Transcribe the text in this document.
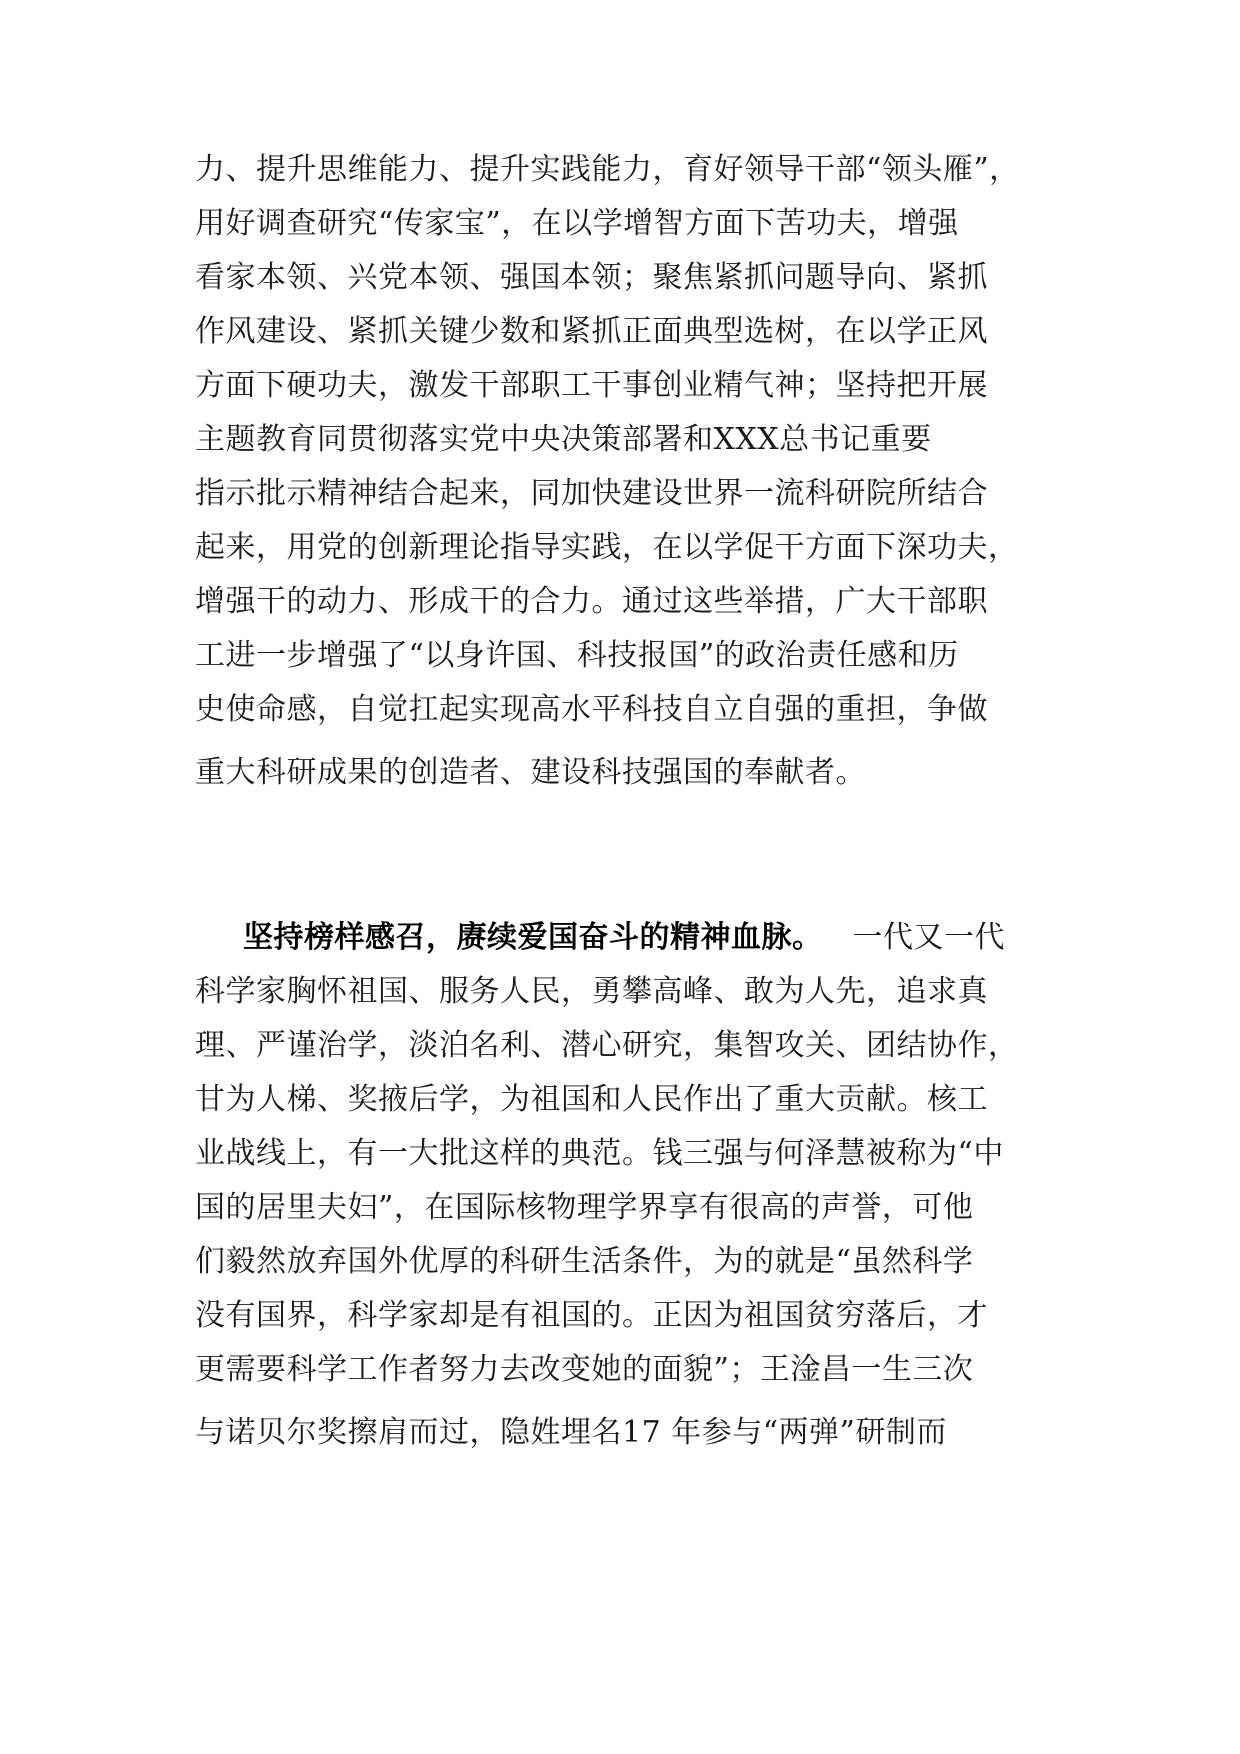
力、提升思维能力、提升实践能力，育好领导干部“领头雁”，
用好调查研究“传家宝”，在以学增智方面下苦功夫，增强
看家本领、兴党本领、强国本领；聚焦紧抓问题导向、紧抓
作风建设、紧抓关键少数和紧抓正面典型选树，在以学正风
方面下硬功夫，激发干部职工干事创业精气神；坚持把开展
主题教育同贯彻落实党中央决策部署和XXX总书记重要
指示批示精神结合起来，同加快建设世界一流科研院所结合
起来，用党的创新理论指导实践，在以学促干方面下深功夫，
增强干的动力、形成干的合力。通过这些举措，广大干部职
工进一步增强了“以身许国、科技报国”的政治责任感和历
史使命感，自觉扛起实现高水平科技自立自强的重担，争做
重大科研成果的创造者、建设科技强国的奉献者。
坚持榜样感召，赓续爱国奋斗的精神血脉。 一代又一代
科学家胸怀祖国、服务人民，勇攀高峰、敢为人先，追求真
理、严谨治学，淡泊名利、潜心研究，集智攻关、团结协作，
甘为人梯、奖掖后学，为祖国和人民作出了重大贡献。核工
业战线上，有一大批这样的典范。钱三强与何泽慧被称为“中
国的居里夫妇”，在国际核物理学界享有很高的声誉，可他
们毅然放弃国外优厚的科研生活条件，为的就是“虽然科学
没有国界，科学家却是有祖国的。正因为祖国贫穷落后，才
更需要科学工作者努力去改变她的面貌”；王淦昌一生三次
与诺贝尔奖擦肩而过，隐姓埋名17 年参与“两弹”研制而
